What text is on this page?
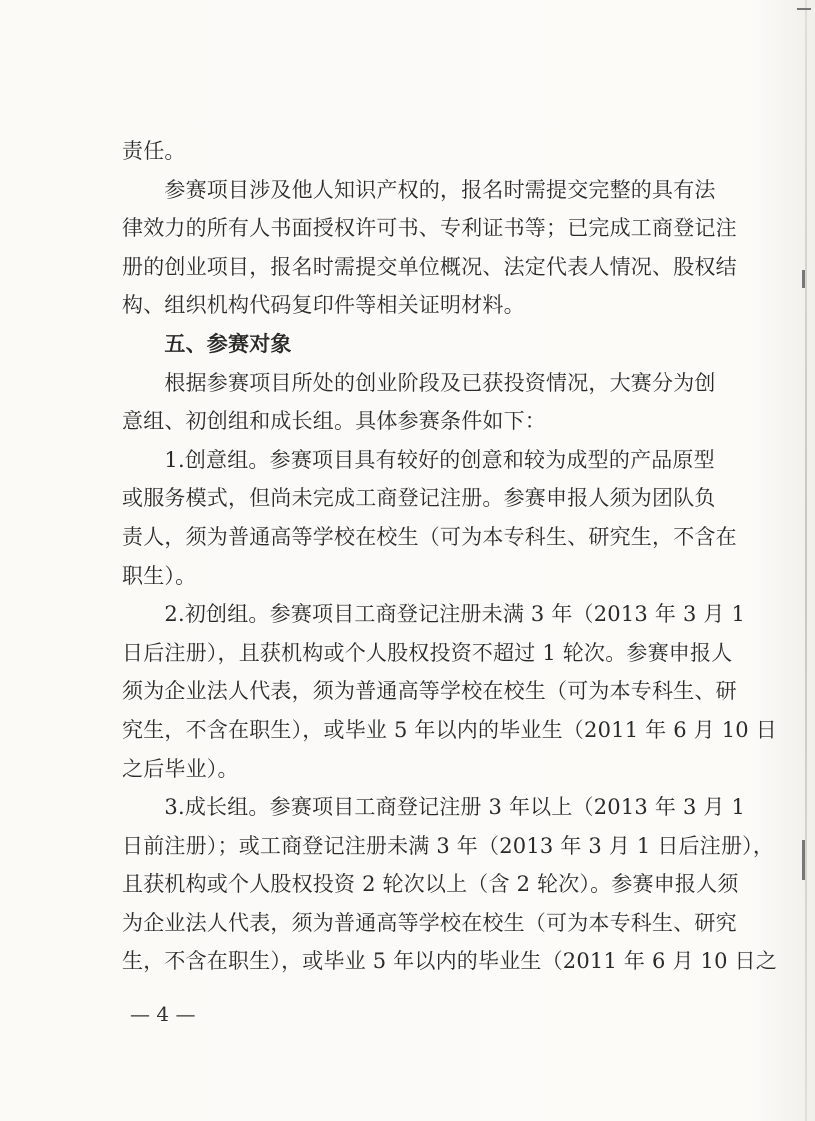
责任。
　　参赛项目涉及他人知识产权的，报名时需提交完整的具有法
律效力的所有人书面授权许可书、专利证书等；已完成工商登记注
册的创业项目，报名时需提交单位概况、法定代表人情况、股权结
构、组织机构代码复印件等相关证明材料。
　　五、参赛对象
　　根据参赛项目所处的创业阶段及已获投资情况，大赛分为创
意组、初创组和成长组。具体参赛条件如下：
　　1.创意组。参赛项目具有较好的创意和较为成型的产品原型
或服务模式，但尚未完成工商登记注册。参赛申报人须为团队负
责人，须为普通高等学校在校生（可为本专科生、研究生，不含在
职生）。
　　2.初创组。参赛项目工商登记注册未满 3 年（2013 年 3 月 1
日后注册），且获机构或个人股权投资不超过 1 轮次。参赛申报人
须为企业法人代表，须为普通高等学校在校生（可为本专科生、研
究生，不含在职生），或毕业 5 年以内的毕业生（2011 年 6 月 10 日
之后毕业）。
　　3.成长组。参赛项目工商登记注册 3 年以上（2013 年 3 月 1
日前注册）；或工商登记注册未满 3 年（2013 年 3 月 1 日后注册），
且获机构或个人股权投资 2 轮次以上（含 2 轮次）。参赛申报人须
为企业法人代表，须为普通高等学校在校生（可为本专科生、研究
生，不含在职生），或毕业 5 年以内的毕业生（2011 年 6 月 10 日之
— 4 —
